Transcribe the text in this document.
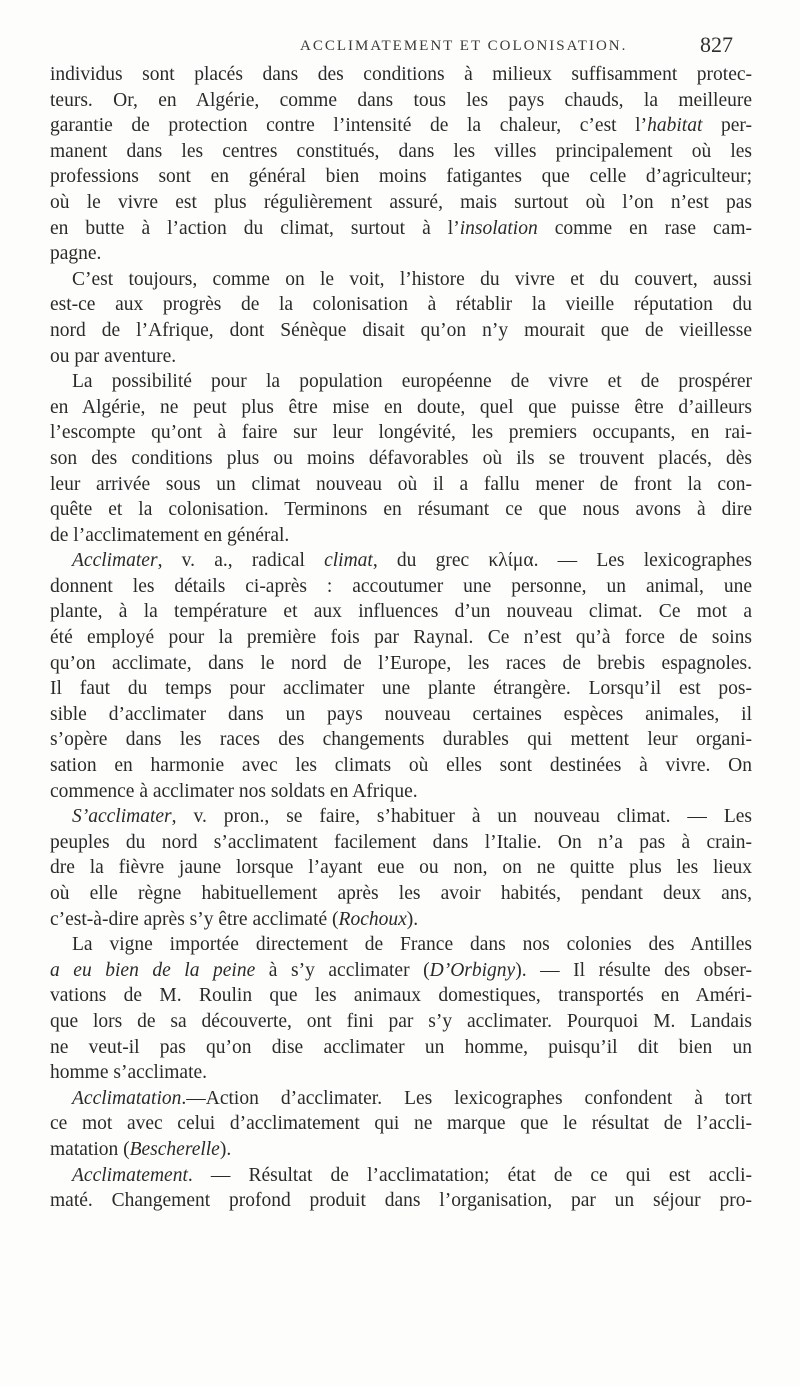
ACCLIMATEMENT ET COLONISATION.	827
individus sont placés dans des conditions à milieux suffisamment protec-
teurs. Or, en Algérie, comme dans tous les pays chauds, la meilleure
garantie de protection contre l’intensité de la chaleur, c’est l’habitat per-
manent dans les centres constitués, dans les villes principalement où les
professions sont en général bien moins fatigantes que celle d’agriculteur;
où le vivre est plus régulièrement assuré, mais surtout où l’on n’est pas
en butte à l’action du climat, surtout à l’insolation comme en rase cam-
pagne.
C’est toujours, comme on le voit, l’histore du vivre et du couvert, aussi
est-ce aux progrès de la colonisation à rétablir la vieille réputation du
nord de l’Afrique, dont Sénèque disait qu’on n’y mourait que de vieillesse
ou par aventure.
La possibilité pour la population européenne de vivre et de prospérer
en Algérie, ne peut plus être mise en doute, quel que puisse être d’ailleurs
l’escompte qu’ont à faire sur leur longévité, les premiers occupants, en rai-
son des conditions plus ou moins défavorables où ils se trouvent placés, dès
leur arrivée sous un climat nouveau où il a fallu mener de front la con-
quête et la colonisation. Terminons en résumant ce que nous avons à dire
de l’acclimatement en général.
Acclimater, v. a., radical climat, du grec κλίμα. — Les lexicographes
donnent les détails ci-après : accoutumer une personne, un animal, une
plante, à la température et aux influences d’un nouveau climat. Ce mot a
été employé pour la première fois par Raynal. Ce n’est qu’à force de soins
qu’on acclimate, dans le nord de l’Europe, les races de brebis espagnoles.
Il faut du temps pour acclimater une plante étrangère. Lorsqu’il est pos-
sible d’acclimater dans un pays nouveau certaines espèces animales, il
s’opère dans les races des changements durables qui mettent leur organi-
sation en harmonie avec les climats où elles sont destinées à vivre. On
commence à acclimater nos soldats en Afrique.
S’acclimater, v. pron., se faire, s’habituer à un nouveau climat. — Les
peuples du nord s’acclimatent facilement dans l’Italie. On n’a pas à crain-
dre la fièvre jaune lorsque l’ayant eue ou non, on ne quitte plus les lieux
où elle règne habituellement après les avoir habités, pendant deux ans,
c’est-à-dire après s’y être acclimaté (Rochoux).
La vigne importée directement de France dans nos colonies des Antilles
a eu bien de la peine à s’y acclimater (D’Orbigny). — Il résulte des obser-
vations de M. Roulin que les animaux domestiques, transportés en Améri-
que lors de sa découverte, ont fini par s’y acclimater. Pourquoi M. Landais
ne veut-il pas qu’on dise acclimater un homme, puisqu’il dit bien un
homme s’acclimate.
Acclimatation.—Action d’acclimater. Les lexicographes confondent à tort
ce mot avec celui d’acclimatement qui ne marque que le résultat de l’accli-
matation (Bescherelle).
Acclimatement. — Résultat de l’acclimatation; état de ce qui est accli-
maté. Changement profond produit dans l’organisation, par un séjour pro-
